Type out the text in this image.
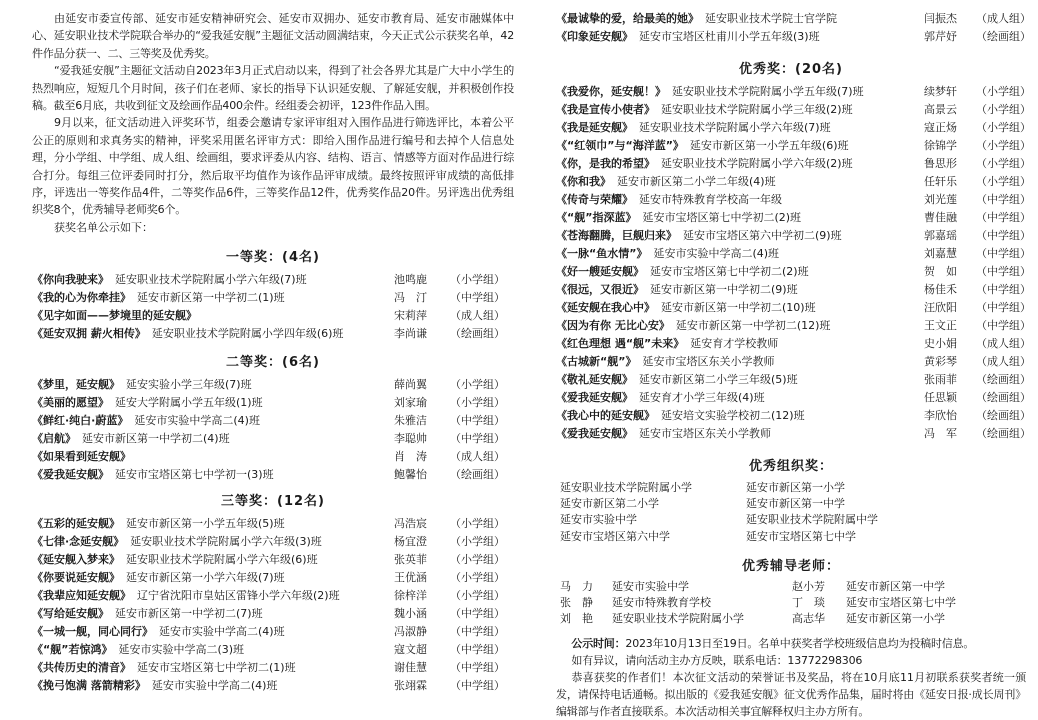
由延安市委宣传部、延安市延安精神研究会、延安市双拥办、延安市教育局、延安市融媒体中心、延安职业技术学院联合举办的“爱我延安舰”主题征文活动圆满结束，今天正式公示获奖名单，42件作品分获一、二、三等奖及优秀奖。

“爱我延安舰”主题征文活动自2023年3月正式启动以来，得到了社会各界尤其是广大中小学生的热烈响应，短短几个月时间，孩子们在老师、家长的指导下认识延安舰、了解延安舰，并积极创作投稿。截至6月底，共收到征文及绘画作品400余件。经组委会初评，123件作品入围。

9月以来，征文活动进入评奖环节，组委会邀请专家评审组对入围作品进行筛选评比，本着公平公正的原则和求真务实的精神，评奖采用匿名评审方式：即给入围作品进行编号和去掉个人信息处理，分小学组、中学组、成人组、绘画组，要求评委从内容、结构、语言、情感等方面对作品进行综合打分。每组三位评委同时打分，然后取平均值作为该作品评审成绩。最终按照评审成绩的高低排序，评选出一等奖作品4件，二等奖作品6件，三等奖作品12件，优秀奖作品20件。另评选出优秀组织奖8个，优秀辅导老师奖6个。

获奖名单公示如下：

一等奖：(4名)
《你向我驶来》 延安职业技术学院附属小学六年级(7)班	池鸣鹿 （小学组）
《我的心为你牵挂》 延安市新区第一中学初二(1)班	冯　汀 （中学组）
《见字如面——梦境里的延安舰》	宋莉萍 （成人组）
《延安双拥 薪火相传》 延安职业技术学院附属小学四年级(6)班	李尚谦 （绘画组）
二等奖：(6名)
《梦里，延安舰》 延安实验小学三年级(7)班	薛尚翼 （小学组）
《美丽的愿望》 延安大学附属小学五年级(1)班	刘家瑜 （小学组）
《鲜红·纯白·蔚蓝》 延安市实验中学高二(4)班	朱雅洁 （中学组）
《启航》 延安市新区第一中学初二(4)班	李聪帅 （中学组）
《如果看到延安舰》	肖　涛 （成人组）
《爱我延安舰》 延安市宝塔区第七中学初一(3)班	鲍馨怡 （绘画组）
三等奖：(12名)
《五彩的延安舰》 延安市新区第一小学五年级(5)班	冯浩宸 （小学组）
《七律·念延安舰》 延安职业技术学院附属小学六年级(3)班	杨宜澄 （小学组）
《延安舰入梦来》 延安职业技术学院附属小学六年级(6)班	张英菲 （小学组）
《你要说延安舰》 延安市新区第一小学六年级(7)班	王优涵 （小学组）
《我辈应知延安舰》 辽宁省沈阳市皇姑区雷锋小学六年级(2)班	徐梓洋 （小学组）
《写给延安舰》 延安市新区第一中学初二(7)班	魏小涵 （中学组）
《一城一舰，同心同行》 延安市实验中学高二(4)班	冯淑静 （中学组）
《“舰”若惊鸿》 延安市实验中学高二(3)班	寇文超 （中学组）
《共传历史的清音》 延安市宝塔区第七中学初二(1)班	谢佳慧 （中学组）
《挽弓饱满 落箭精彩》 延安市实验中学高二(4)班	张翊霖 （中学组）
《最诚挚的爱，给最美的她》 延安职业技术学院士官学院	闫振杰 （成人组）
《印象延安舰》 延安市宝塔区杜甫川小学五年级(3)班	郭芹妤 （绘画组）
优秀奖：(20名)
《我爱你，延安舰！》 延安职业技术学院附属小学五年级(7)班	续梦轩 （小学组）
《我是宣传小使者》 延安职业技术学院附属小学三年级(2)班	高景云 （小学组）
《我是延安舰》 延安职业技术学院附属小学六年级(7)班	寇正炀 （小学组）
《“红领巾”与“海洋蓝”》 延安市新区第一小学五年级(6)班	徐锦学 （小学组）
《你，是我的希望》 延安职业技术学院附属小学六年级(2)班	鲁思形 （小学组）
《你和我》 延安市新区第二小学二年级(4)班	任轩乐 （小学组）
《传奇与荣耀》 延安市特殊教育学校高一年级	刘光莲 （中学组）
《“舰”指深蓝》 延安市宝塔区第七中学初二(2)班	曹佳融 （中学组）
《苍海翻腾，巨舰归来》 延安市宝塔区第六中学初二(9)班	郭嘉瑶 （中学组）
《一脉“鱼水情”》 延安市实验中学高二(4)班	刘嘉慧 （中学组）
《好一艘延安舰》 延安市宝塔区第七中学初二(2)班	贺　如 （中学组）
《很远，又很近》 延安市新区第一中学初二(9)班	杨佳禾 （中学组）
《延安舰在我心中》 延安市新区第一中学初二(10)班	汪欣阳 （中学组）
《因为有你 无比心安》 延安市新区第一中学初二(12)班	王文正 （中学组）
《红色理想 遇“舰”未来》 延安育才学校教师	史小娟 （成人组）
《古城新“舰”》 延安市宝塔区东关小学教师	黄彩琴 （成人组）
《敬礼延安舰》 延安市新区第二小学三年级(5)班	张雨菲 （绘画组）
《爱我延安舰》 延安育才小学三年级(4)班	任思颖 （绘画组）
《我心中的延安舰》 延安培文实验学校初二(12)班	李欣怡 （绘画组）
《爱我延安舰》 延安市宝塔区东关小学教师	冯　军 （绘画组）
优秀组织奖：
延安职业技术学院附属小学	延安市新区第一小学
延安市新区第二小学	延安市新区第一中学
延安市实验中学	延安职业技术学院附属中学
延安市宝塔区第六中学	延安市宝塔区第七中学
优秀辅导老师：
马　力 延安市实验中学	赵小芳 延安市新区第一中学
张　静 延安市特殊教育学校	丁　琰 延安市宝塔区第七中学
刘　艳 延安职业技术学院附属小学	高志华 延安市新区第一小学

公示时间：2023年10月13日至19日。名单中获奖者学校班级信息均为投稿时信息。

如有异议，请向活动主办方反映，联系电话：13772298306

恭喜获奖的作者们！本次征文活动的荣誉证书及奖品，将在10月底11月初联系获奖者统一颁发，请保持电话通畅。拟出版的《爱我延安舰》征文优秀作品集，届时将由《延安日报·成长周刊》编辑部与作者直接联系。本次活动相关事宜解释权归主办方所有。
